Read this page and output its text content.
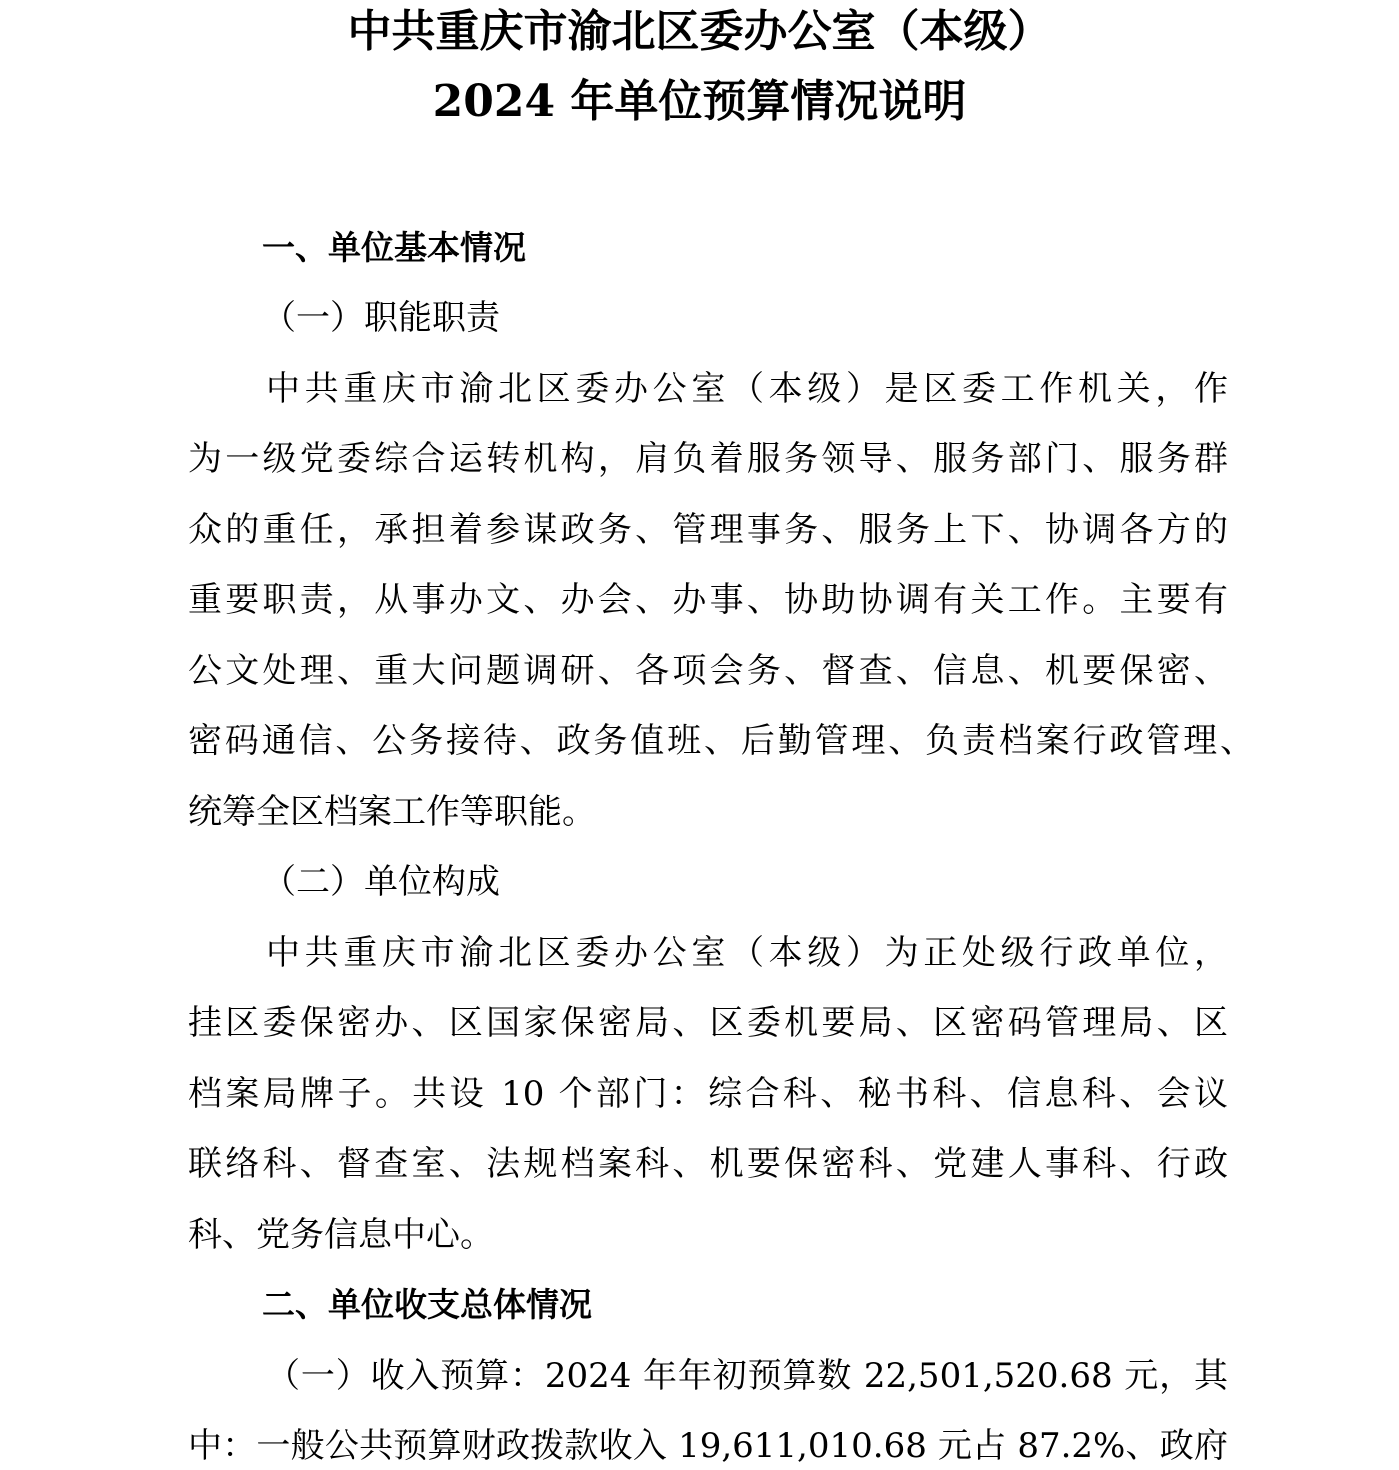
中共重庆市渝北区委办公室（本级）
2024 年单位预算情况说明
一、单位基本情况
（一）职能职责
中共重庆市渝北区委办公室（本级）是区委工作机关，作
为一级党委综合运转机构，肩负着服务领导、服务部门、服务群
众的重任，承担着参谋政务、管理事务、服务上下、协调各方的
重要职责，从事办文、办会、办事、协助协调有关工作。主要有
公文处理、重大问题调研、各项会务、督查、信息、机要保密、
密码通信、公务接待、政务值班、后勤管理、负责档案行政管理、
统筹全区档案工作等职能。
（二）单位构成
中共重庆市渝北区委办公室（本级）为正处级行政单位，
挂区委保密办、区国家保密局、区委机要局、区密码管理局、区
档案局牌子。共设 10 个部门：综合科、秘书科、信息科、会议
联络科、督查室、法规档案科、机要保密科、党建人事科、行政
科、党务信息中心。
二、单位收支总体情况
（一）收入预算：2024 年年初预算数 22,501,520.68 元，其
中：一般公共预算财政拨款收入 19,611,010.68 元占 87.2%、政府
